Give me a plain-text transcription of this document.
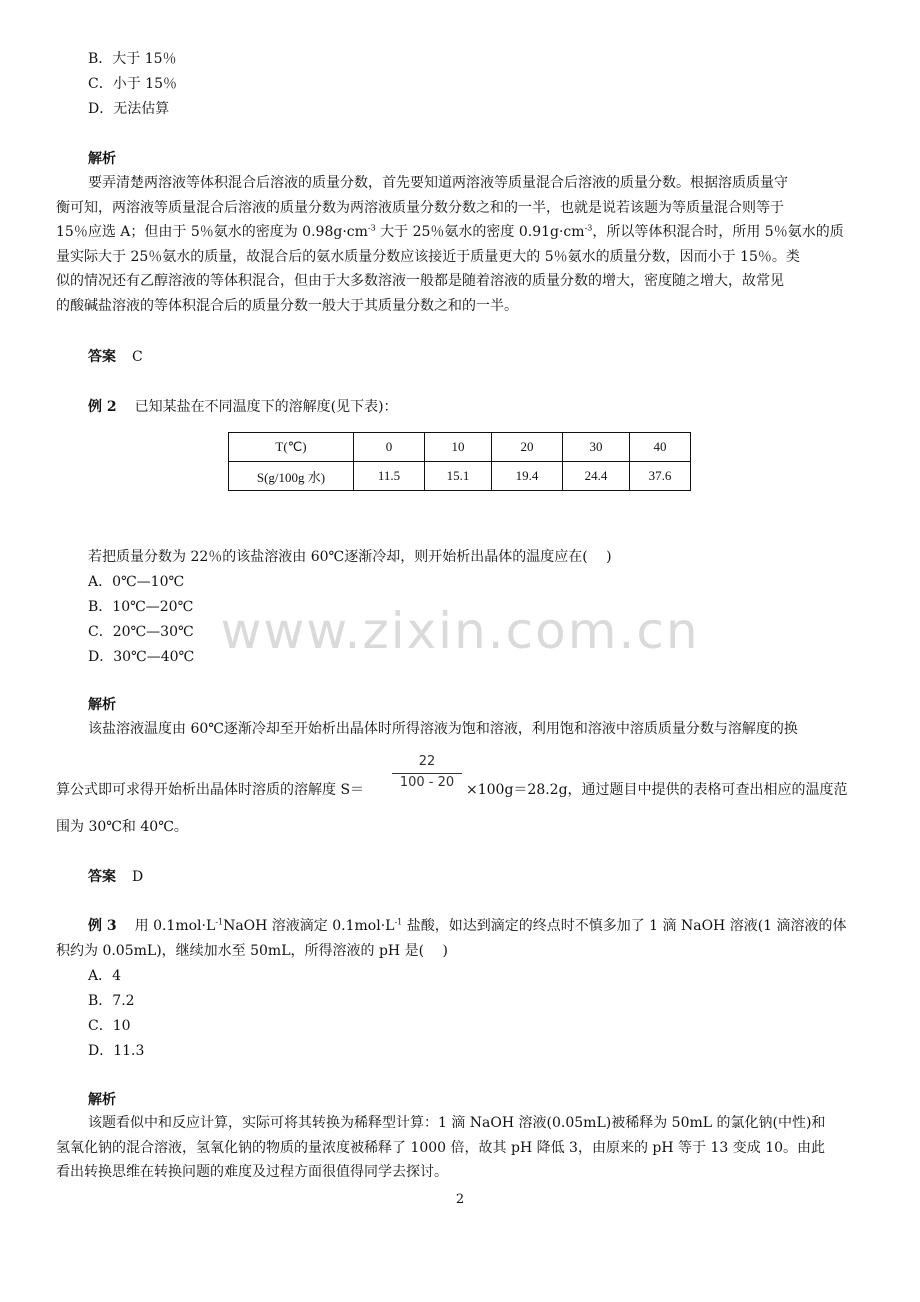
B．大于 15％
C．小于 15％
D．无法估算
解析

要弄清楚两溶液等体积混合后溶液的质量分数，首先要知道两溶液等质量混合后溶液的质量分数。根据溶质质量守

衡可知，两溶液等质量混合后溶液的质量分数为两溶液质量分数分数之和的一半，也就是说若该题为等质量混合则等于

15％应选 A；但由于 5％氨水的密度为 $0.98g\cdot cm^{-3}$ 大于 25％氨水的密度 $0.91g\cdot cm^{-3}$，所以等体积混合时，所用 5％氨水的质

量实际大于 25％氨水的质量，故混合后的氨水质量分数应该接近于质量更大的 5％氨水的质量分数，因而小于 15％。类

似的情况还有乙醇溶液的等体积混合，但由于大多数溶液一般都是随着溶液的质量分数的增大，密度随之增大，故常见

的酸碱盐溶液的等体积混合后的质量分数一般大于其质量分数之和的一半。

答案 C
例 2 已知某盐在不同温度下的溶解度(见下表)：
T(℃)	0	10	20	30	40
S(g/100g 水)	11.5	15.1	19.4	24.4	37.6
若把质量分数为 22％的该盐溶液由 60℃逐渐冷却，则开始析出晶体的温度应在(　 )
A．0℃—10℃
B．10℃—20℃
C．20℃—30℃
D．30℃—40℃ www.zixin.com.cn
解析
该盐溶液温度由 60℃逐渐冷却至开始析出晶体时所得溶液为饱和溶液，利用饱和溶液中溶质质量分数与溶解度的换
22
100 - 20
算公式即可求得开始析出晶体时溶质的溶解度 S＝	×100g＝28.2g，通过题目中提供的表格可查出相应的温度范
围为 30℃和 40℃。
答案 D
例 3 用 $0.1mol\cdot L^{-1}NaOH$ 溶液滴定 $0.1mol\cdot L^{-1}$ 盐酸，如达到滴定的终点时不慎多加了 1 滴 NaOH 溶液(1 滴溶液的体
积约为 0.05mL)，继续加水至 50mL，所得溶液的 pH 是(　 )
A．4
B．7.2
C．10
D．11.3
解析

该题看似中和反应计算，实际可将其转换为稀释型计算：1 滴 NaOH 溶液(0.05mL)被稀释为 50mL 的氯化钠(中性)和

氢氧化钠的混合溶液，氢氧化钠的物质的量浓度被稀释了 1000 倍，故其 pH 降低 3，由原来的 pH 等于 13 变成 10。由此

看出转换思维在转换问题的难度及过程方面很值得同学去探讨。

2
